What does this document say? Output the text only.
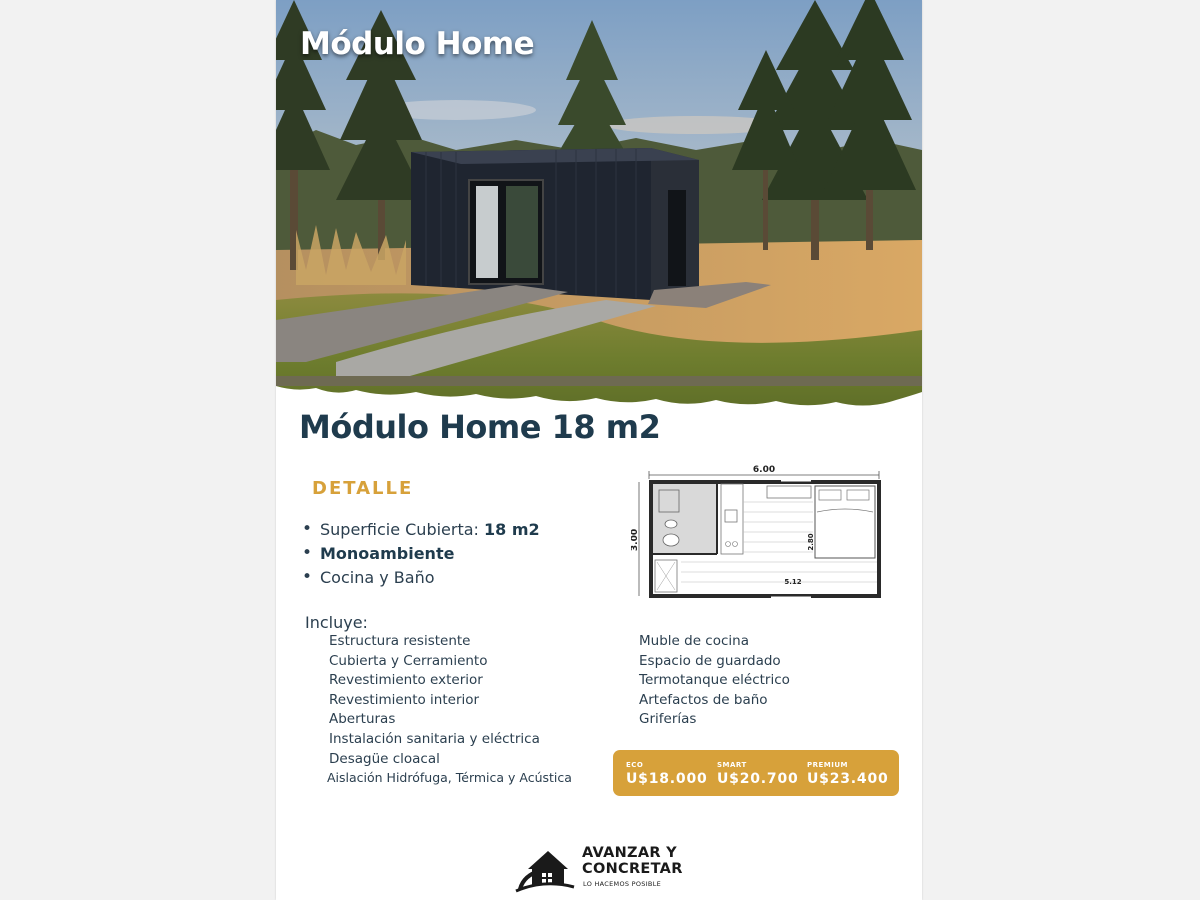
Módulo Home
Módulo Home 18 m2
DETALLE
• Superficie Cubierta: 18 m2
• Monoambiente
• Cocina y Baño
6.00
3.00	2.80
5.12
Incluye:
Estructura resistente
Cubierta y Cerramiento
Revestimiento exterior
Revestimiento interior
Aberturas
Instalación sanitaria y eléctrica
Desagüe cloacal
Aislación Hidrófuga, Térmica y Acústica
Muble de cocina
Espacio de guardado
Termotanque eléctrico
Artefactos de baño
Griferías
ECO
U$18.000
SMART
U$20.700
PREMIUM
U$23.400
AVANZAR Y
CONCRETAR
LO HACEMOS POSIBLE
